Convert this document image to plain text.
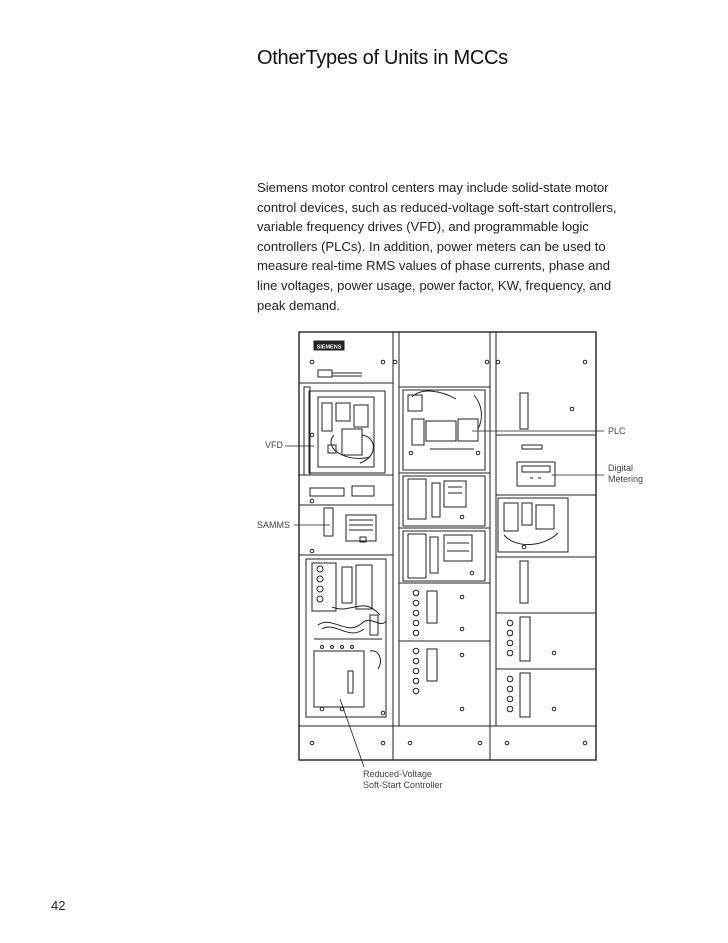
OtherTypes of Units in MCCs

Siemens motor control centers may include solid-state motor
control devices, such as reduced-voltage soft-start controllers,
variable frequency drives (VFD), and programmable logic
controllers (PLCs). In addition, power meters can be used to
measure real-time RMS values of phase currents, phase and
line voltages, power usage, power factor, KW, frequency, and
peak demand.

SIEMENS
VFD
SAMMS
PLC
Digital
Metering
Reduced-Voltage
Soft-Start Controller
42
